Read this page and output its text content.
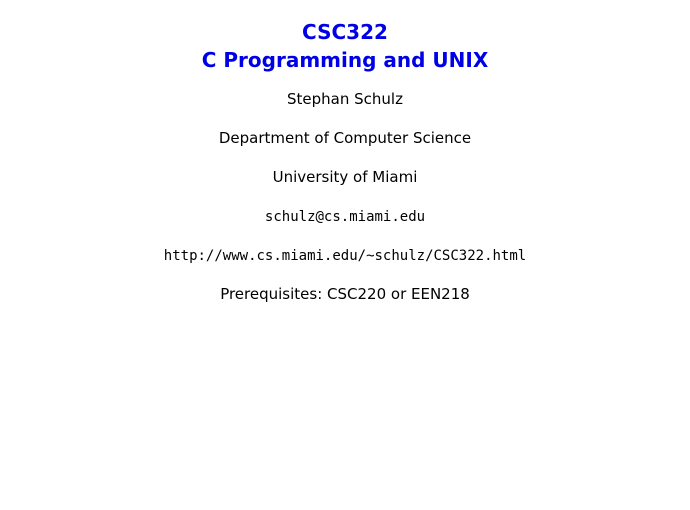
CSC322
C Programming and UNIX
Stephan Schulz
Department of Computer Science
University of Miami
schulz@cs.miami.edu
http://www.cs.miami.edu/~schulz/CSC322.html
Prerequisites: CSC220 or EEN218
